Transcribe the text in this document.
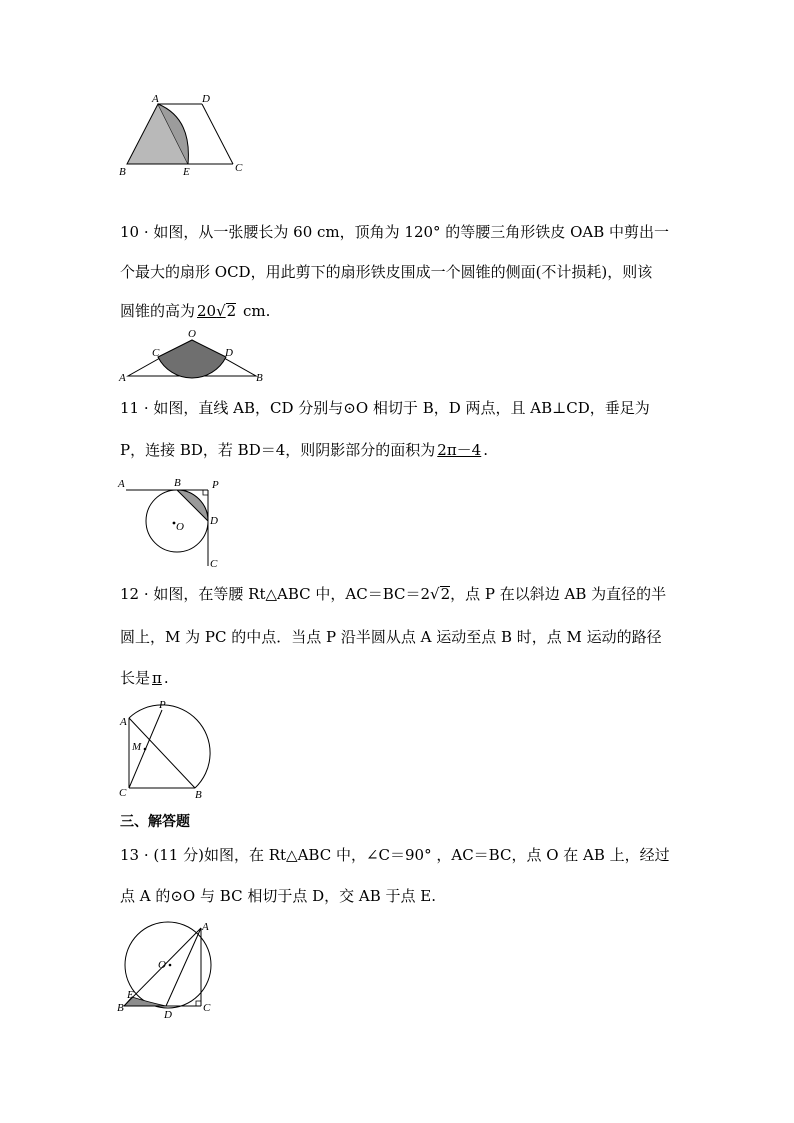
A	D
B	E	C
10 · 如图，从一张腰长为 60 cm，顶角为 120° 的等腰三角形铁皮 OAB 中剪出一
个最大的扇形 OCD，用此剪下的扇形铁皮围成一个圆锥的侧面(不计损耗)，则该
圆锥的高为 20√2 cm.
O
C	D
A	B
11 · 如图，直线 AB，CD 分别与⊙O 相切于 B，D 两点，且 AB⊥CD，垂足为
P，连接 BD，若 BD＝4，则阴影部分的面积为 2π－4 .
A	B	P
D
O
C
12 · 如图，在等腰 Rt△ABC 中，AC＝BC＝2√2，点 P 在以斜边 AB 为直径的半
圆上，M 为 PC 的中点．当点 P 沿半圆从点 A 运动至点 B 时，点 M 运动的路径
长是 π .
A
P
M
C	B
三、解答题
13 · (11 分)如图，在 Rt△ABC 中，∠C＝90° ，AC＝BC，点 O 在 AB 上，经过
点 A 的⊙O 与 BC 相切于点 D，交 AB 于点 E.
A
O
E
B
D
C
